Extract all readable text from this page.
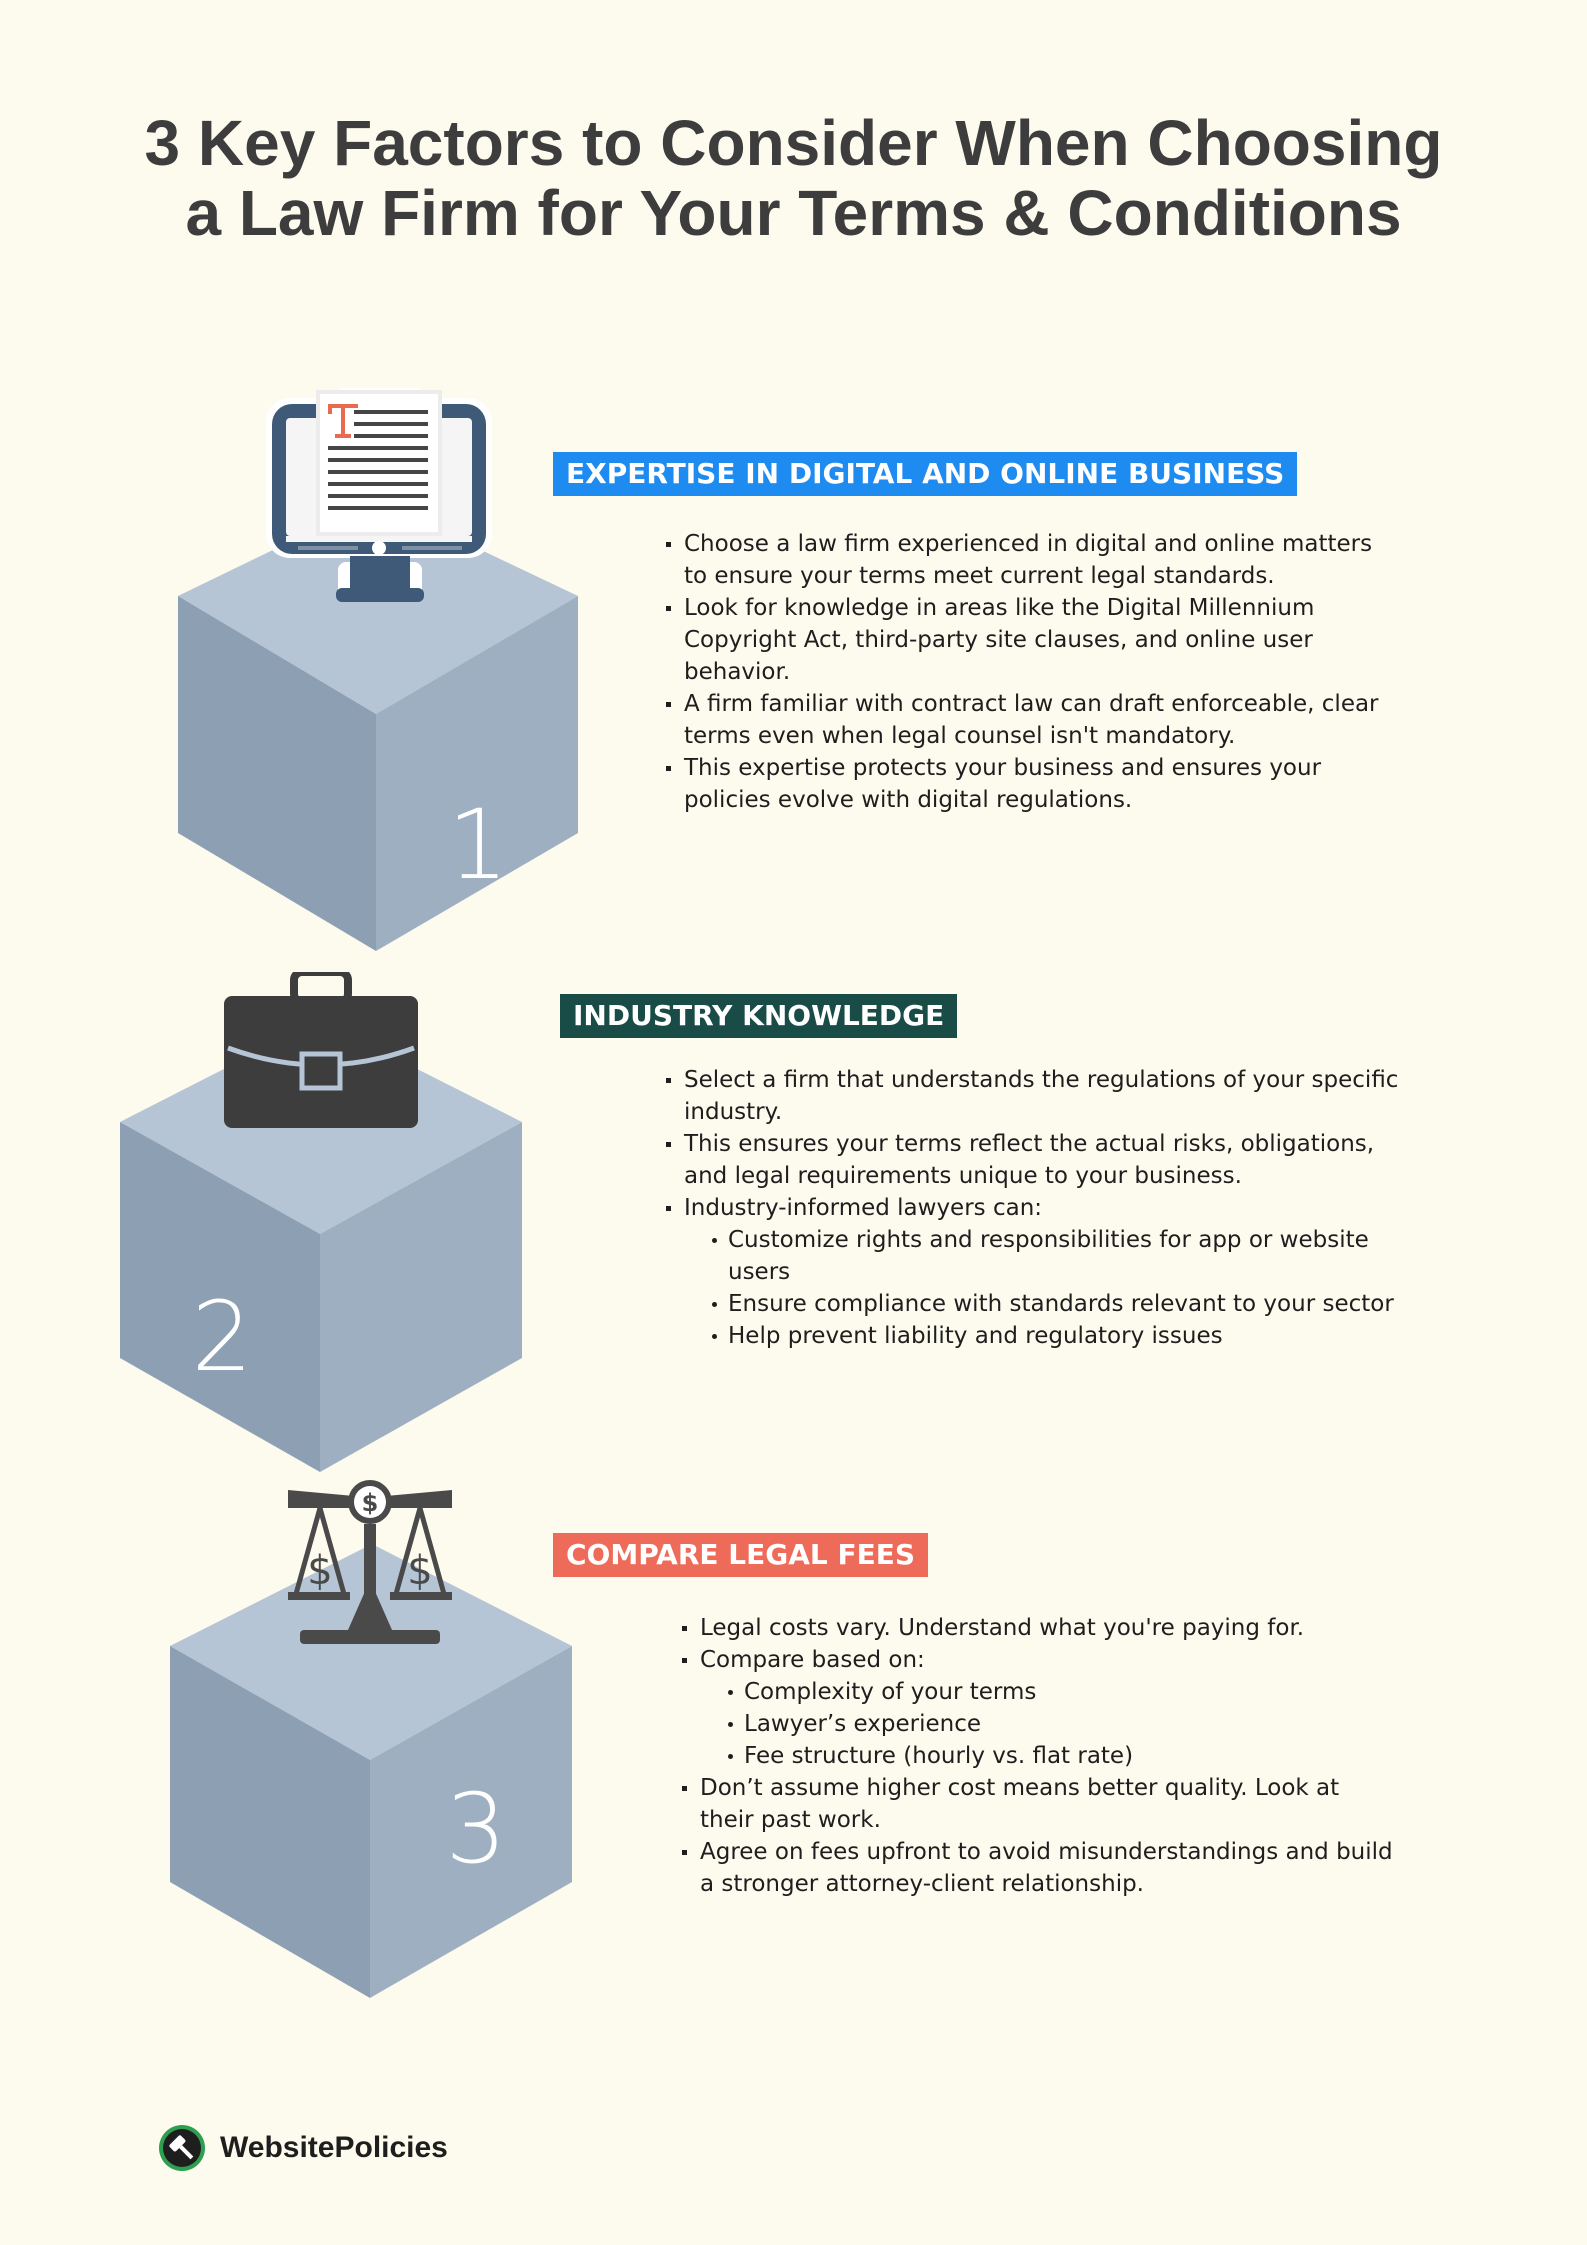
3 Key Factors to Consider When Choosing
a Law Firm for Your Terms & Conditions
1
EXPERTISE IN DIGITAL AND ONLINE BUSINESS
Choose a law firm experienced in digital and online matters to ensure your terms meet current legal standards.
Look for knowledge in areas like the Digital Millennium Copyright Act, third-party site clauses, and online user behavior.
A firm familiar with contract law can draft enforceable, clear terms even when legal counsel isn't mandatory.
This expertise protects your business and ensures your policies evolve with digital regulations.
2
INDUSTRY KNOWLEDGE
Select a firm that understands the regulations of your specific industry.
This ensures your terms reflect the actual risks, obligations, and legal requirements unique to your business.
Industry-informed lawyers can:
Customize rights and responsibilities for app or website users
Ensure compliance with standards relevant to your sector
Help prevent liability and regulatory issues
3
$
$ $	COMPARE LEGAL FEES
Legal costs vary. Understand what you're paying for.
Compare based on:
Complexity of your terms
Lawyer’s experience
Fee structure (hourly vs. flat rate)
Don’t assume higher cost means better quality. Look at their past work.
Agree on fees upfront to avoid misunderstandings and build a stronger attorney-client relationship.
WebsitePolicies
